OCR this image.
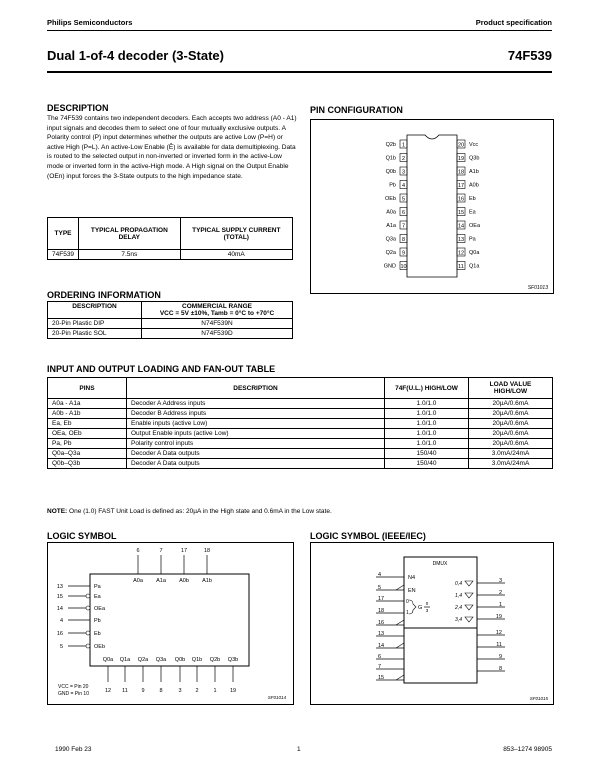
Philips Semiconductors	Product specification
Dual 1-of-4 decoder (3-State)	74F539
DESCRIPTION
The 74F539 contains two independent decoders. Each accepts two address (A0 - A1) input signals and decodes them to select one of four mutually exclusive outputs. A Polarity control (P) input determines whether the outputs are active Low (P=H) or active High (P=L). An active-Low Enable (Ē) is available for data demultiplexing. Data is routed to the selected output in non-inverted or inverted form in the active-Low mode or inverted form in the active-High mode. A High signal on the Output Enable (OEn) input forces the 3-State outputs to the high impedance state.
TYPE	TYPICAL PROPAGATION DELAY	TYPICAL SUPPLY CURRENT (TOTAL)
74F539	7.5ns	40mA
ORDERING INFORMATION
DESCRIPTION	COMMERCIAL RANGE
VCC = 5V ±10%, Tamb = 0°C to +70°C

20-Pin Plastic DIP	N74F539N
20-Pin Plastic SOL	N74F539D
INPUT AND OUTPUT LOADING AND FAN-OUT TABLE
PINS	DESCRIPTION	74F(U.L.) HIGH/LOW	LOAD VALUE HIGH/LOW
A0a - A1a	Decoder A Address inputs	1.0/1.0	20µA/0.6mA
A0b - A1b	Decoder B Address inputs	1.0/1.0	20µA/0.6mA
Ea, Eb	Enable inputs (active Low)	1.0/1.0	20µA/0.6mA
OEa, OEb	Output Enable inputs (active Low)	1.0/1.0	20µA/0.6mA
Pa, Pb	Polarity control inputs	1.0/1.0	20µA/0.6mA
Q0a–Q3a	Decoder A Data outputs	150/40	3.0mA/24mA
Q0b–Q3b	Decoder A Data outputs	150/40	3.0mA/24mA
NOTE: One (1.0) FAST Unit Load is defined as: 20µA in the High state and 0.6mA in the Low state.
PIN CONFIGURATION
1
Q2b	20 Vcc
2
Q1b	19 Q3b
3
Q0b	18 A1b
4
Pb	17 A0b
5
OEb	16 Eb
6
A0a	15 Ea
7
A1a	14 OEa
8
Q3a	13 Pa
9
Q2a	12 Q0a
10
GND	11 Q1a
SF01013
6
A0a
7
A1a
17
A0b
18
A1b
13	Pa
15	Ea
14	OEa
4	Pb
16	Eb
5	OEb
Q0a
12
Q1a
11
Q2a
9
Q3a
8
Q0b
3
Q1b
2
Q2b
1
Q3b
19
VCC = Pin 20
GND = Pin 10
SF01014
DMUX
4
5
17
18
16
13
14
6
7
15
N4
EN
0
1
G
0
3
0,4
1,4
2,4
3,4
3
2
1
19
12
11
9
8
SF01015
LOGIC SYMBOL	LOGIC SYMBOL (IEEE/IEC)
1990 Feb 23	1	853–1274 98905
